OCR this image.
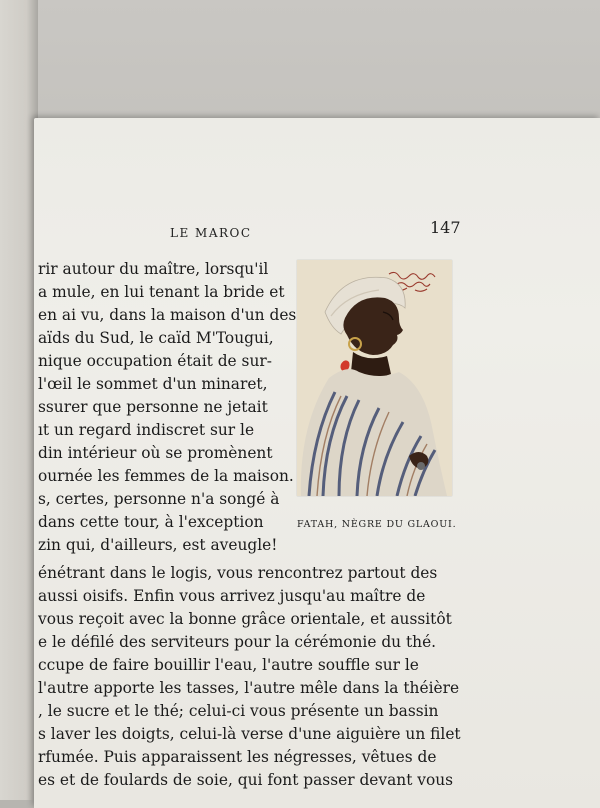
LE MAROC	147
rir autour du maître, lorsqu'il
a mule, en lui tenant la bride et
en ai vu, dans la maison d'un des
aïds du Sud, le caïd M'Tougui,
nique occupation était de sur-
l'œil le sommet d'un minaret,
ssurer que personne ne jetait
ıt un regard indiscret sur le
din intérieur où se promènent
ournée les femmes de la maison.
s, certes, personne n'a songé à
dans cette tour, à l'exception
zin qui, d'ailleurs, est aveugle!
énétrant dans le logis, vous rencontrez partout des
aussi oisifs. Enfin vous arrivez jusqu'au maître de
vous reçoit avec la bonne grâce orientale, et aussitôt
e le défilé des serviteurs pour la cérémonie du thé.
ccupe de faire bouillir l'eau, l'autre souffle sur le
l'autre apporte les tasses, l'autre mêle dans la théière
, le sucre et le thé; celui-ci vous présente un bassin
s laver les doigts, celui-là verse d'une aiguière un filet
rfumée. Puis apparaissent les négresses, vêtues de
es et de foulards de soie, qui font passer devant vous
FATAH, NÈGRE DU GLAOUI.
